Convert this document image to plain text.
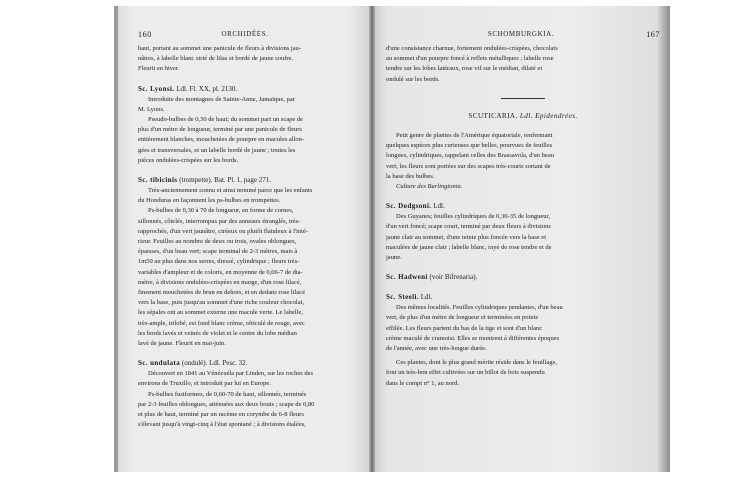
160	ORCHIDÉES.

haut, portant au sommet une panicule de fleurs à divisions jau-

nâtres, à labelle blanc strié de lilas et bordé de jaune soufre.

Fleurit en hiver.

Sc. Lyonsi. Ldl. Fl. XX, pl. 2130.

Introduite des montagnes de Sainte-Anne, Jamaïque, par

M. Lyons.

Pseudo-bulbes de 0,30 de haut; du sommet part un scape de

plus d'un mètre de longueur, terminé par une panicule de fleurs

entièrement blanches, mouchetées de pourpre en macules allon-

gées et transversales, et un labelle bordé de jaune ; toutes les

pièces ondulées-crispées sur les bords.

Sc. tibicinis (trompette). Bat. Pl. 1, page 271.

Très-anciennement connu et ainsi nommé parce que les enfants

du Honduras en façonnent les ps-bulbes en trompettes.

Ps-bulbes de 0,30 à 70 de longueur, en forme de cornes,

sillonnés, côtelés, interrompus par des anneaux étranglés, très-

rapprochés, d'un vert jaunâtre, ciréeux ou plutôt flatuleux à l'inté-

rieur. Feuilles au nombre de deux ou trois, ovales oblongues,

épaisses, d'un beau vert; scape terminal de 2-3 mètres, mais à

1m50 au plus dans nos serres, dressé, cylindrique ; fleurs très-

variables d'ampleur et de coloris, en moyenne de 0,06-7 de dia-

mètre, à divisions ondulées-crispées en marge, d'un rose lilacé,

finement mouchetées de brun en dehors, et en dedans rose lilacé

vers la base, puis jusqu'au sommet d'une riche couleur chocolat,

les sépales ont au sommet externe une macule verte. Le labelle,

très-ample, trilobé, est fond blanc crème, réticulé de rouge, avec

les bords lavés et veinés de violet et le centre du lobe médian

lavé de jaune. Fleurit en mai-juin.

Sc. undulata (ondulé). Ldl. Pesc. 32.

Découvert en 1841 au Vénézuéla par Linden, sur les roches des

environs de Truxillo, et introduit par lui en Europe.

Ps-bulbes fusiformes, de 0,60-70 de haut, sillonnés, terminés

par 2-3 feuilles oblongues, atténuées aux deux bouts ; scape de 0,80

et plus de haut, terminé par un racème en corymbe de 6-8 fleurs

s'élevant jusqu'à vingt-cinq à l'état spontané ; à divisions étalées,

SCHOMBURGKIA.	167

d'une consistance charnue, fortement ondulées-crispées, chocolats

au sommet d'un pourpre foncé à reflets métalliques ; labelle rose

tendre sur les lobes latéraux, rose vif sur le médian, dilaté et

ondulé sur les bords.

SCUTICARIA. Ldl. Epidendrées.

Petit genre de plantes de l'Amérique équatoriale, renfermant

quelques espèces plus curieuses que belles, pourvues de feuilles

longues, cylindriques, rappelant celles des Brassavola, d'un beau

vert; les fleurs sont portées sur des scapes très-courts sortant de

la base des bulbes.

Culture des Burlingtonia.

Sc. Dodgsoni. Ldl.

Des Guyanes; feuilles cylindriques de 0,30-35 de longueur,

d'un vert foncé; scape court, terminé par deux fleurs à divisions

jaune clair au sommet, d'une teinte plus foncée vers la base et

maculées de jaune clair ; labelle blanc, rayé de rose tendre et de

jaune.

Sc. Hadweni (voir Bifrenaria).
Sc. Steeli. Ldl.

Des mêmes localités. Feuilles cylindriques pendantes, d'un beau

vert, de plus d'un mètre de longueur et terminées en pointe

effilée. Les fleurs partent du bas de la tige et sont d'un blanc

crème maculé de cramoisi. Elles se montrent à différentes époques

de l'année, avec une très-longue durée.

Ces plantes, dont le plus grand mérite réside dans le feuillage,

font un très-bon effet cultivées sur un billot de bois suspendu

dans le compt n° 1, au nord.
